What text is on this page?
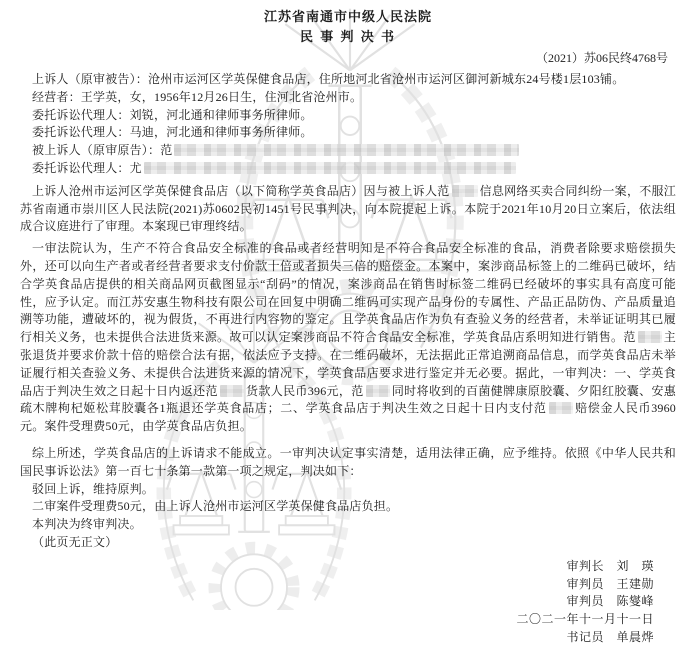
江苏省南通市中级人民法院
民 事 判 决 书
（2021）苏06民终4768号

上诉人（原审被告）：沧州市运河区学英保健食品店，住所地河北省沧州市运河区御河新城东24号楼1层103铺。

经营者：王学英，女，1956年12月26日生，住河北省沧州市。

委托诉讼代理人：刘锐，河北通和律师事务所律师。

委托诉讼代理人：马迪，河北通和律师事务所律师。

被上诉人（原审原告）：范

委托诉讼代理人：尤

上诉人沧州市运河区学英保健食品店（以下简称学英食品店）因与被上诉人范	信息网络买卖合同纠纷一案，不服江苏省南通市崇川区人民法院(2021)苏0602民初1451号民事判决，向本院提起上诉。本院于2021年10月20日立案后，依法组成合议庭进行了审理。本案现已审理终结。

一审法院认为，生产不符合食品安全标准的食品或者经营明知是不符合食品安全标准的食品，消费者除要求赔偿损失外，还可以向生产者或者经营者要求支付价款十倍或者损失三倍的赔偿金。本案中，案涉商品标签上的二维码已破坏，结合学英食品店提供的相关商品网页截图显示“刮码”的情况，案涉商品在销售时标签二维码已经破坏的事实具有高度可能性，应予认定。而江苏安惠生物科技有限公司在回复中明确二维码可实现产品身份的专属性、产品正品防伪、产品质量追溯等功能，遭破坏的，视为假货，不再进行内容物的鉴定。且学英食品店作为负有查验义务的经营者，未举证证明其已履行相关义务，也未提供合法进货来源。故可以认定案涉商品不符合食品安全标准，学英食品店系明知进行销售。范 主张退货并要求价款十倍的赔偿合法有据，依法应予支持。在二维码破坏，无法据此正常追溯商品信息，而学英食品店未举证履行相关查验义务、未提供合法进货来源的情况下，学英食品店要求进行鉴定并无必要。据此，一审判决：一、学英食品店于判决生效之日起十日内返还范 货款人民币396元，范 同时将收到的百菌健牌康原胶囊、夕阳红胶囊、安惠疏木牌枸杞姬松茸胶囊各1瓶退还学英食品店；二、学英食品店于判决生效之日起十日内支付范 赔偿金人民币3960元。案件受理费50元，由学英食品店负担。

综上所述，学英食品店的上诉请求不能成立。一审判决认定事实清楚，适用法律正确，应予维持。依照《中华人民共和国民事诉讼法》第一百七十条第一款第一项之规定，判决如下：

驳回上诉，维持原判。

二审案件受理费50元，由上诉人沧州市运河区学英保健食品店负担。

本判决为终审判决。

（此页无正文）

审判长　刘　瑛
审判员　王建勋
审判员　陈燮峰
二〇二一年十一月十一日
书记员　单晨烨
